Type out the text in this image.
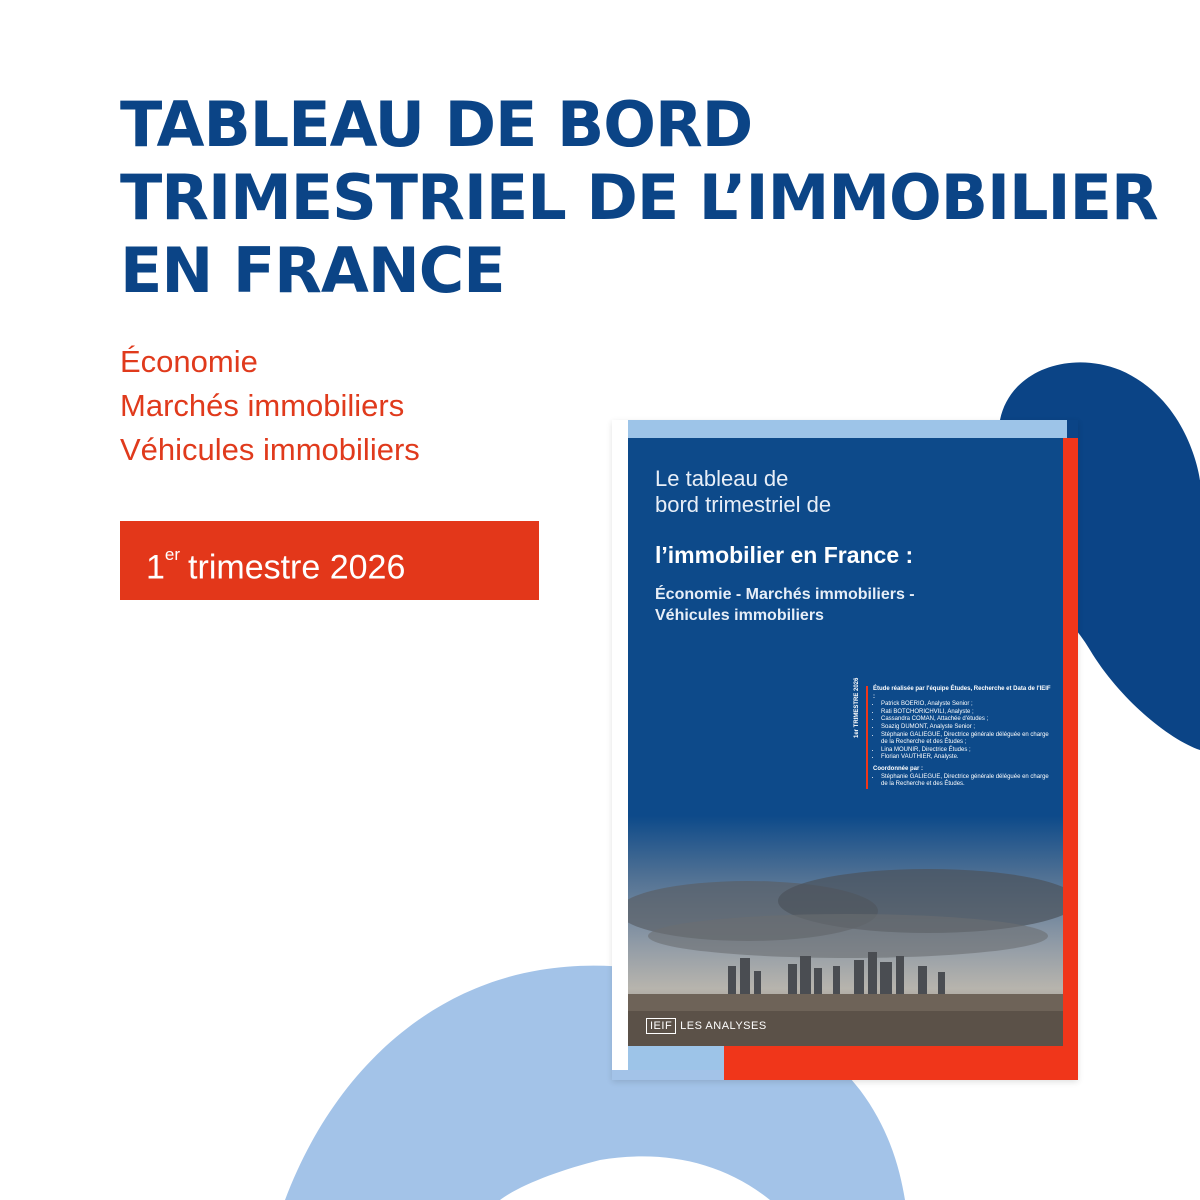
TABLEAU DE BORD
TRIMESTRIEL DE L’IMMOBILIER
EN FRANCE
Économie
Marchés immobiliers
Véhicules immobiliers
1er trimestre 2026
Le tableau de
bord trimestriel de
l’immobilier en France :
Économie - Marchés immobiliers -
Véhicules immobiliers
1er TRIMESTRE 2026 Étude réalisée par l'équipe Études, Recherche et Data de l'IEIF :
• Patrick BOERIO, Analyste Senior ;
• Rati BOTCHORICHVILI, Analyste ;
• Cassandra COMAN, Attachée d'études ;
• Soazig DUMONT, Analyste Senior ;
• Stéphanie GALIEGUE, Directrice générale déléguée en charge de la Recherche et des Études ;
• Lina MOUNIR, Directrice Études ;
• Florian VAUTHIER, Analyste.
Coordonnée par :
• Stéphanie GALIEGUE, Directrice générale déléguée en charge de la Recherche et des Études.
IEIF LES ANALYSES
